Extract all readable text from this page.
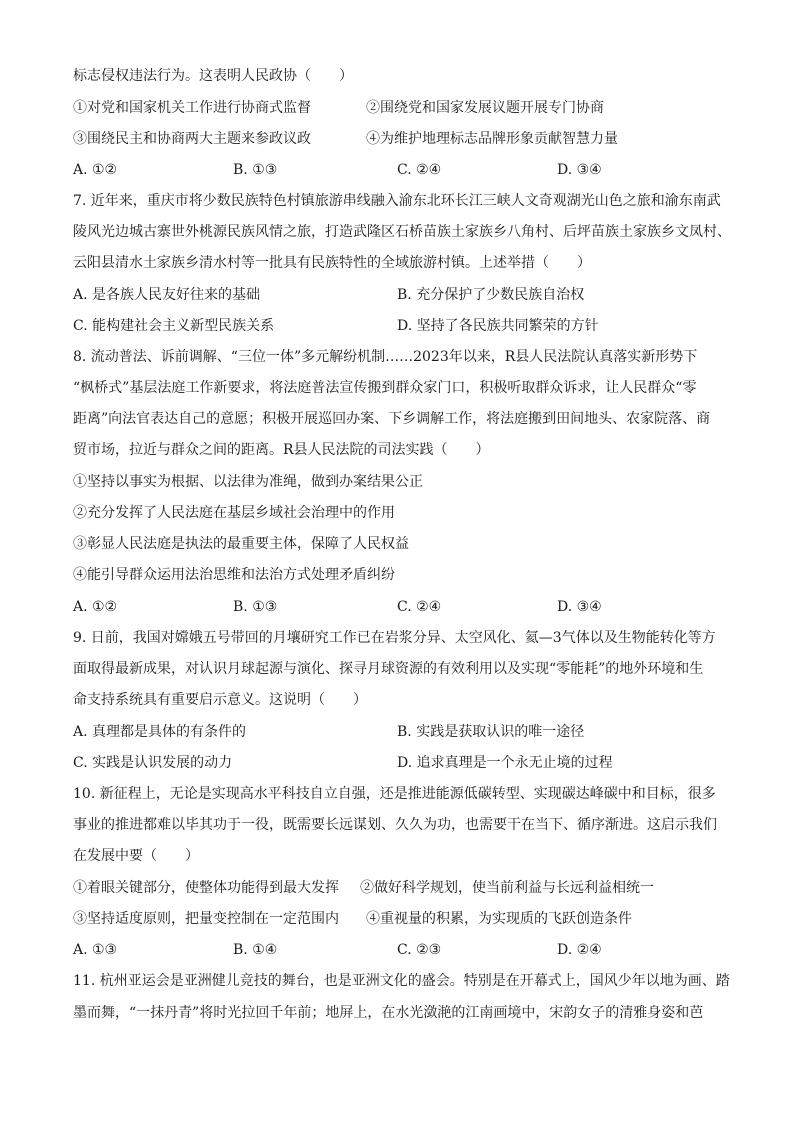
标志侵权违法行为。这表明人民政协（　　）
①对党和国家机关工作进行协商式监督	②围绕党和国家发展议题开展专门协商
③围绕民主和协商两大主题来参政议政	④为维护地理标志品牌形象贡献智慧力量
A. ①②	B. ①③	C. ②④	D. ③④
7. 近年来，重庆市将少数民族特色村镇旅游串线融入渝东北环长江三峡人文奇观湖光山色之旅和渝东南武
陵风光边城古寨世外桃源民族风情之旅，打造武隆区石桥苗族土家族乡八角村、后坪苗族土家族乡文凤村、
云阳县清水土家族乡清水村等一批具有民族特性的全域旅游村镇。上述举措（　　）
A. 是各族人民友好往来的基础	B. 充分保护了少数民族自治权
C. 能构建社会主义新型民族关系	D. 坚持了各民族共同繁荣的方针
8. 流动普法、诉前调解、“三位一体”多元解纷机制……2023年以来，R县人民法院认真落实新形势下
“枫桥式”基层法庭工作新要求，将法庭普法宣传搬到群众家门口，积极听取群众诉求，让人民群众“零
距离”向法官表达自己的意愿；积极开展巡回办案、下乡调解工作，将法庭搬到田间地头、农家院落、商
贸市场，拉近与群众之间的距离。R县人民法院的司法实践（　　）
①坚持以事实为根据、以法律为准绳，做到办案结果公正
②充分发挥了人民法庭在基层乡域社会治理中的作用
③彰显人民法庭是执法的最重要主体，保障了人民权益
④能引导群众运用法治思维和法治方式处理矛盾纠纷
A. ①②	B. ①③	C. ②④	D. ③④
9. 日前，我国对嫦娥五号带回的月壤研究工作已在岩浆分异、太空风化、氦—3气体以及生物能转化等方
面取得最新成果，对认识月球起源与演化、探寻月球资源的有效利用以及实现“零能耗”的地外环境和生
命支持系统具有重要启示意义。这说明（　　）
A. 真理都是具体的有条件的	B. 实践是获取认识的唯一途径
C. 实践是认识发展的动力	D. 追求真理是一个永无止境的过程
10. 新征程上，无论是实现高水平科技自立自强，还是推进能源低碳转型、实现碳达峰碳中和目标，很多
事业的推进都难以毕其功于一役，既需要长远谋划、久久为功，也需要干在当下、循序渐进。这启示我们
在发展中要（　　）
①着眼关键部分，使整体功能得到最大发挥 ②做好科学规划，使当前利益与长远利益相统一
③坚持适度原则，把量变控制在一定范围内 ④重视量的积累，为实现质的飞跃创造条件
A. ①③	B. ①④	C. ②③	D. ②④
11. 杭州亚运会是亚洲健儿竞技的舞台，也是亚洲文化的盛会。特别是在开幕式上，国风少年以地为画、踏
墨而舞，“一抹丹青”将时光拉回千年前；地屏上，在水光潋滟的江南画境中，宋韵女子的清雅身姿和芭
